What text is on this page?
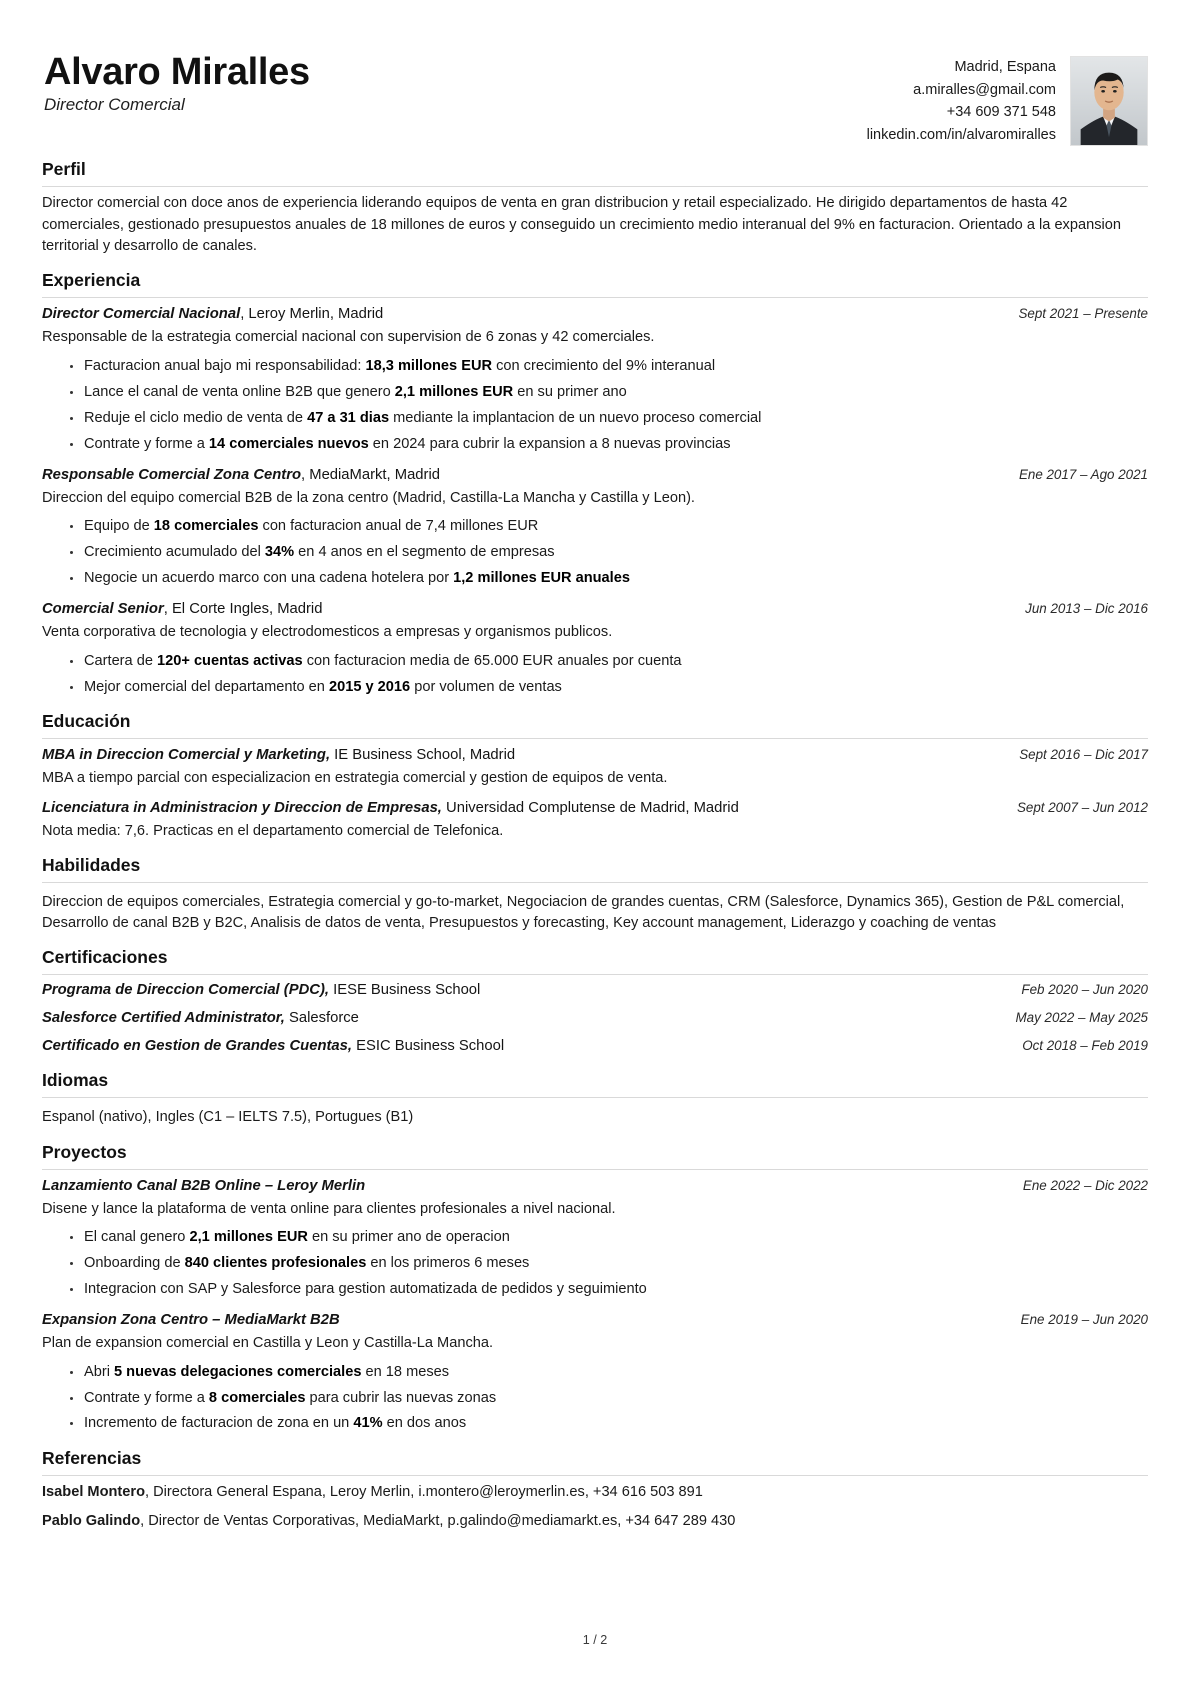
Alvaro Miralles
Director Comercial
Madrid, Espana
a.miralles@gmail.com
+34 609 371 548
linkedin.com/in/alvaromiralles
Perfil

Director comercial con doce anos de experiencia liderando equipos de venta en gran distribucion y retail especializado. He dirigido departamentos de hasta 42 comerciales, gestionado presupuestos anuales de 18 millones de euros y conseguido un crecimiento medio interanual del 9% en facturacion. Orientado a la expansion territorial y desarrollo de canales.

Experiencia
Director Comercial Nacional, Leroy Merlin, Madrid	Sept 2021 – Presente
Responsable de la estrategia comercial nacional con supervision de 6 zonas y 42 comerciales.
Facturacion anual bajo mi responsabilidad: 18,3 millones EUR con crecimiento del 9% interanual
Lance el canal de venta online B2B que genero 2,1 millones EUR en su primer ano
Reduje el ciclo medio de venta de 47 a 31 dias mediante la implantacion de un nuevo proceso comercial
Contrate y forme a 14 comerciales nuevos en 2024 para cubrir la expansion a 8 nuevas provincias
Responsable Comercial Zona Centro, MediaMarkt, Madrid	Ene 2017 – Ago 2021
Direccion del equipo comercial B2B de la zona centro (Madrid, Castilla-La Mancha y Castilla y Leon).
Equipo de 18 comerciales con facturacion anual de 7,4 millones EUR
Crecimiento acumulado del 34% en 4 anos en el segmento de empresas
Negocie un acuerdo marco con una cadena hotelera por 1,2 millones EUR anuales
Comercial Senior, El Corte Ingles, Madrid	Jun 2013 – Dic 2016
Venta corporativa de tecnologia y electrodomesticos a empresas y organismos publicos.
Cartera de 120+ cuentas activas con facturacion media de 65.000 EUR anuales por cuenta
Mejor comercial del departamento en 2015 y 2016 por volumen de ventas
Educación
MBA in Direccion Comercial y Marketing, IE Business School, Madrid	Sept 2016 – Dic 2017
MBA a tiempo parcial con especializacion en estrategia comercial y gestion de equipos de venta.
Licenciatura in Administracion y Direccion de Empresas, Universidad Complutense de Madrid, Madrid	Sept 2007 – Jun 2012
Nota media: 7,6. Practicas en el departamento comercial de Telefonica.
Habilidades

Direccion de equipos comerciales, Estrategia comercial y go-to-market, Negociacion de grandes cuentas, CRM (Salesforce, Dynamics 365), Gestion de P&L comercial, Desarrollo de canal B2B y B2C, Analisis de datos de venta, Presupuestos y forecasting, Key account management, Liderazgo y coaching de ventas

Certificaciones
Programa de Direccion Comercial (PDC), IESE Business School	Feb 2020 – Jun 2020
Salesforce Certified Administrator, Salesforce	May 2022 – May 2025
Certificado en Gestion de Grandes Cuentas, ESIC Business School	Oct 2018 – Feb 2019
Idiomas

Espanol (nativo), Ingles (C1 – IELTS 7.5), Portugues (B1)

Proyectos
Lanzamiento Canal B2B Online – Leroy Merlin	Ene 2022 – Dic 2022
Disene y lance la plataforma de venta online para clientes profesionales a nivel nacional.
El canal genero 2,1 millones EUR en su primer ano de operacion
Onboarding de 840 clientes profesionales en los primeros 6 meses
Integracion con SAP y Salesforce para gestion automatizada de pedidos y seguimiento
Expansion Zona Centro – MediaMarkt B2B	Ene 2019 – Jun 2020
Plan de expansion comercial en Castilla y Leon y Castilla-La Mancha.
Abri 5 nuevas delegaciones comerciales en 18 meses
Contrate y forme a 8 comerciales para cubrir las nuevas zonas
Incremento de facturacion de zona en un 41% en dos anos
Referencias
Isabel Montero, Directora General Espana, Leroy Merlin, i.montero@leroymerlin.es, +34 616 503 891
Pablo Galindo, Director de Ventas Corporativas, MediaMarkt, p.galindo@mediamarkt.es, +34 647 289 430
1 / 2
